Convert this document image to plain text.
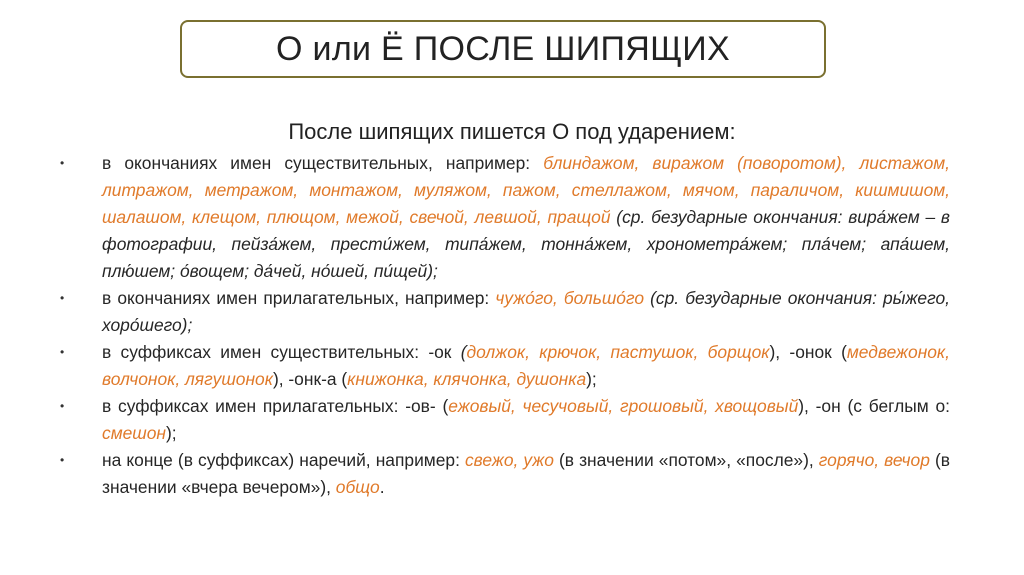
О или Ё ПОСЛЕ ШИПЯЩИХ
После шипящих пишется О под ударением:
• в окончаниях имен существительных, например: блиндажом, виражом (поворотом), листажом, литражом, метражом, монтажом, муляжом, пажом, стеллажом, мячом, параличом, кишмишом, шалашом, клещом, плющом, межой, свечой, левшой, пращой (ср. безударные окончания: вира́жем – в фотографии, пейза́жем, прести́жем, типа́жем, тонна́жем, хронометра́жем; пла́чем; апа́шем, плю́шем; о́вощем; да́чей, но́шей, пи́щей);
• в окончаниях имен прилагательных, например: чужо́го, большо́го (ср. безударные окончания: ры́жего, хоро́шего);
• в суффиксах имен существительных: -ок (должок, крючок, пастушок, борщок), -онок (медвежонок, волчонок, лягушонок), -онк-а (книжонка, клячонка, душонка);
• в суффиксах имен прилагательных: -ов- (ежовый, чесучовый, грошовый, хвощовый), -он (с беглым о: смешон);
• на конце (в суффиксах) наречий, например: свежо, ужо (в значении «потом», «после»), горячо, вечор (в значении «вчера вечером»), общо.
